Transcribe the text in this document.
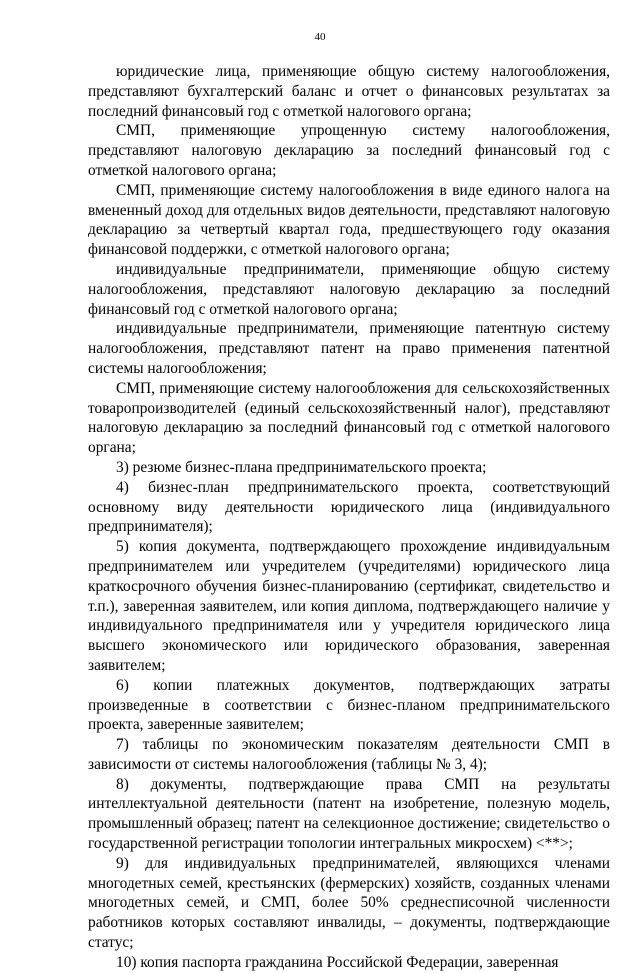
40

юридические лица, применяющие общую систему налогообложения, представляют бухгалтерский баланс и отчет о финансовых результатах за последний финансовый год с отметкой налогового органа;

СМП, применяющие упрощенную систему налогообложения, представляют налоговую декларацию за последний финансовый год с отметкой налогового органа;

СМП, применяющие систему налогообложения в виде единого налога на вмененный доход для отдельных видов деятельности, представляют налоговую декларацию за четвертый квартал года, предшествующего году оказания финансовой поддержки, с отметкой налогового органа;

индивидуальные предприниматели, применяющие общую систему налогообложения, представляют налоговую декларацию за последний финансовый год с отметкой налогового органа;

индивидуальные предприниматели, применяющие патентную систему налогообложения, представляют патент на право применения патентной системы налогообложения;

СМП, применяющие систему налогообложения для сельскохозяйственных товаропроизводителей (единый сельскохозяйственный налог), представляют налоговую декларацию за последний финансовый год с отметкой налогового органа;

3) резюме бизнес-плана предпринимательского проекта;

4) бизнес-план предпринимательского проекта, соответствующий основному виду деятельности юридического лица (индивидуального предпринимателя);

5) копия документа, подтверждающего прохождение индивидуальным предпринимателем или учредителем (учредителями) юридического лица краткосрочного обучения бизнес-планированию (сертификат, свидетельство и т.п.), заверенная заявителем, или копия диплома, подтверждающего наличие у индивидуального предпринимателя или у учредителя юридического лица высшего экономического или юридического образования, заверенная заявителем;

6) копии платежных документов, подтверждающих затраты произведенные в соответствии с бизнес-планом предпринимательского проекта, заверенные заявителем;

7) таблицы по экономическим показателям деятельности СМП в зависимости от системы налогообложения (таблицы № 3, 4);

8) документы, подтверждающие права СМП на результаты интеллектуальной деятельности (патент на изобретение, полезную модель, промышленный образец; патент на селекционное достижение; свидетельство о государственной регистрации топологии интегральных микросхем) <**>;

9) для индивидуальных предпринимателей, являющихся членами многодетных семей, крестьянских (фермерских) хозяйств, созданных членами многодетных семей, и СМП, более 50% среднесписочной численности работников которых составляют инвалиды, – документы, подтверждающие статус;

10) копия паспорта гражданина Российской Федерации, заверенная
